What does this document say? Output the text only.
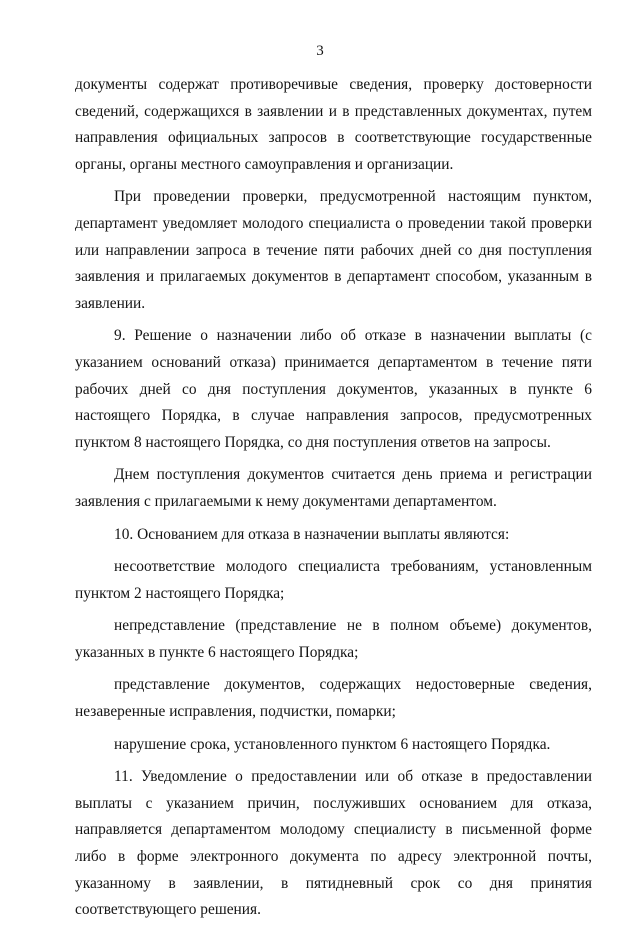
3

документы содержат противоречивые сведения, проверку достоверности сведений, содержащихся в заявлении и в представленных документах, путем направления официальных запросов в соответствующие государственные органы, органы местного самоуправления и организации.

При проведении проверки, предусмотренной настоящим пунктом, департамент уведомляет молодого специалиста о проведении такой проверки или направлении запроса в течение пяти рабочих дней со дня поступления заявления и прилагаемых документов в департамент способом, указанным в заявлении.

9. Решение о назначении либо об отказе в назначении выплаты (с указанием оснований отказа) принимается департаментом в течение пяти рабочих дней со дня поступления документов, указанных в пункте 6 настоящего Порядка, в случае направления запросов, предусмотренных пунктом 8 настоящего Порядка, со дня поступления ответов на запросы.

Днем поступления документов считается день приема и регистрации заявления с прилагаемыми к нему документами департаментом.

10. Основанием для отказа в назначении выплаты являются:

несоответствие молодого специалиста требованиям, установленным пунктом 2 настоящего Порядка;

непредставление (представление не в полном объеме) документов, указанных в пункте 6 настоящего Порядка;

представление документов, содержащих недостоверные сведения, незаверенные исправления, подчистки, помарки;

нарушение срока, установленного пунктом 6 настоящего Порядка.

11. Уведомление о предоставлении или об отказе в предоставлении выплаты с указанием причин, послуживших основанием для отказа, направляется департаментом молодому специалисту в письменной форме либо в форме электронного документа по адресу электронной почты, указанному в заявлении, в пятидневный срок со дня принятия соответствующего решения.
